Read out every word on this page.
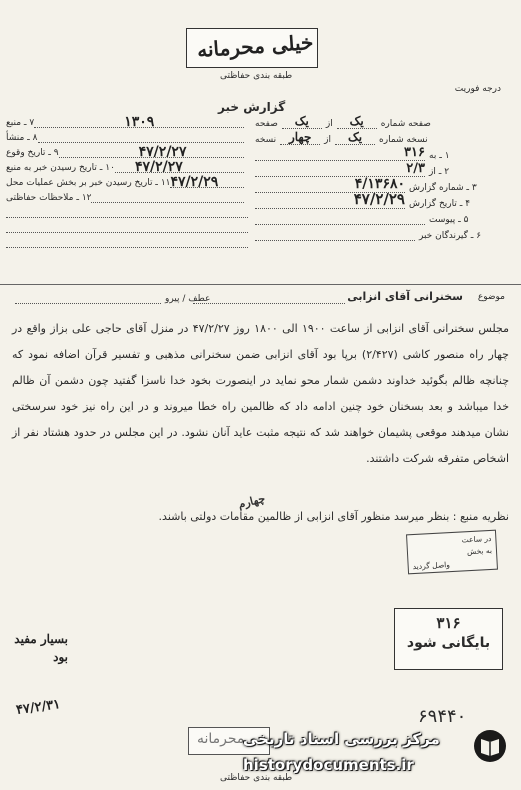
خیلی محرمانه
طبقه بندی حفاظتی
درجه فوریت
گزارش خبر
صفحه شماره
یک
از
یک
صفحه
نسخه شماره
یک
از
چهار
نسخه
۱ ـ به
۳۱۶
۲ ـ از
۲/۳
۳ ـ شماره گزارش
۴/۱۳۶۸۰
۴ ـ تاریخ گزارش
۴۷/۲/۲۹
۵ ـ پیوست
۶ ـ گیرندگان خبر
۷ ـ منبع	۱۳۰۹
۸ ـ منشأ
۹ ـ تاریخ وقوع	۴۷/۲/۲۷
۱۰ ـ تاریخ رسیدن خبر به منبع ۴۷/۲/۲۷
۱۱ ـ تاریخ رسیدن خبر بر بخش عملیات محل ۴۷/۲/۲۹
۱۲ ـ ملاحظات حفاظتی
موضوع
سخنرانی آقای انزابی
عطف / پیرو
مجلس سخنرانی آقای انزابی از ساعت ۱۹۰۰ الی ۱۸۰۰ روز ۴۷/۲/۲۷ در منزل آقای حاجی علی بزاز واقع در چهار راه منصور کاشی (۲/۴۲۷) برپا بود آقای انزابی ضمن سخنرانی مذهبی و تفسیر قرآن اضافه نمود که چنانچه ظالم بگوئید خداوند دشمن شمار محو نماید در اینصورت بخود خدا ناسزا گفتید چون دشمن آن ظالم خدا میباشد و بعد بسخنان خود چنین ادامه داد که ظالمین راه خطا میروند و در این راه نیز خود سرسختی نشان میدهند موقعی پشیمان خواهند شد که نتیجه مثبت عاید آنان نشود. در این مجلس در حدود هشتاد نفر از اشخاص متفرقه شرکت داشتند.
نظریه منبع : بنظر میرسد منظور آقای انزابی از ظالمین مقامات دولتی باشند.
چهارم
در ساعت
به بخش
واصل گردید
۳۱۶
بایگانی شود
بسیار مفید بود
۴۷/۲/۳۱	۶۹۴۴۰
محرمانه
طبقه بندی حفاظتی
مرکز بررسی اسناد تاریخی
historydocuments.ir
